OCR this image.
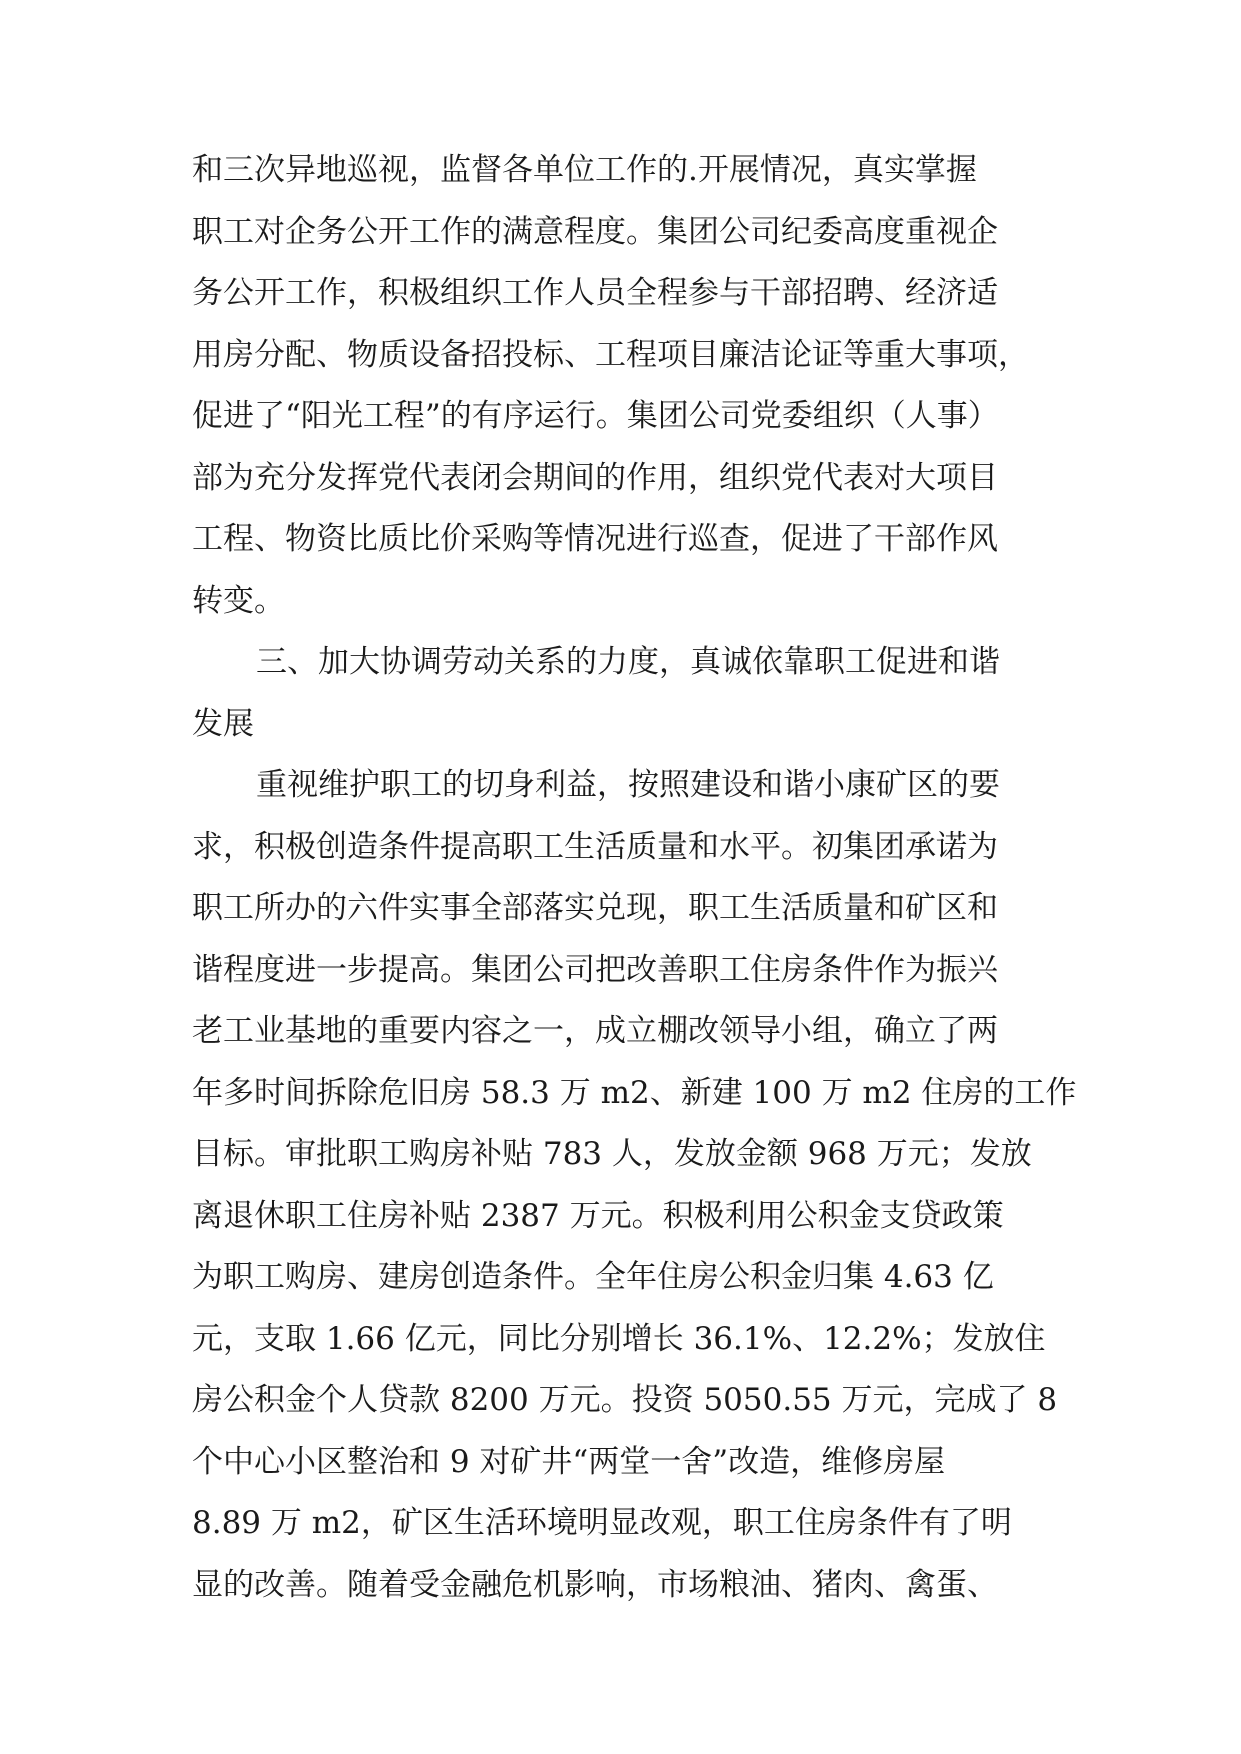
和三次异地巡视，监督各单位工作的.开展情况，真实掌握
职工对企务公开工作的满意程度。集团公司纪委高度重视企
务公开工作，积极组织工作人员全程参与干部招聘、经济适
用房分配、物质设备招投标、工程项目廉洁论证等重大事项，
促进了“阳光工程”的有序运行。集团公司党委组织（人事）
部为充分发挥党代表闭会期间的作用，组织党代表对大项目
工程、物资比质比价采购等情况进行巡查，促进了干部作风
转变。
三、加大协调劳动关系的力度，真诚依靠职工促进和谐
发展
重视维护职工的切身利益，按照建设和谐小康矿区的要
求，积极创造条件提高职工生活质量和水平。初集团承诺为
职工所办的六件实事全部落实兑现，职工生活质量和矿区和
谐程度进一步提高。集团公司把改善职工住房条件作为振兴
老工业基地的重要内容之一，成立棚改领导小组，确立了两
年多时间拆除危旧房 58.3 万 m2、新建 100 万 m2 住房的工作
目标。审批职工购房补贴 783 人，发放金额 968 万元；发放
离退休职工住房补贴 2387 万元。积极利用公积金支贷政策
为职工购房、建房创造条件。全年住房公积金归集 4.63 亿
元，支取 1.66 亿元，同比分别增长 36.1%、12.2%；发放住
房公积金个人贷款 8200 万元。投资 5050.55 万元，完成了 8
个中心小区整治和 9 对矿井“两堂一舍”改造，维修房屋
8.89 万 m2，矿区生活环境明显改观，职工住房条件有了明
显的改善。随着受金融危机影响，市场粮油、猪肉、禽蛋、
